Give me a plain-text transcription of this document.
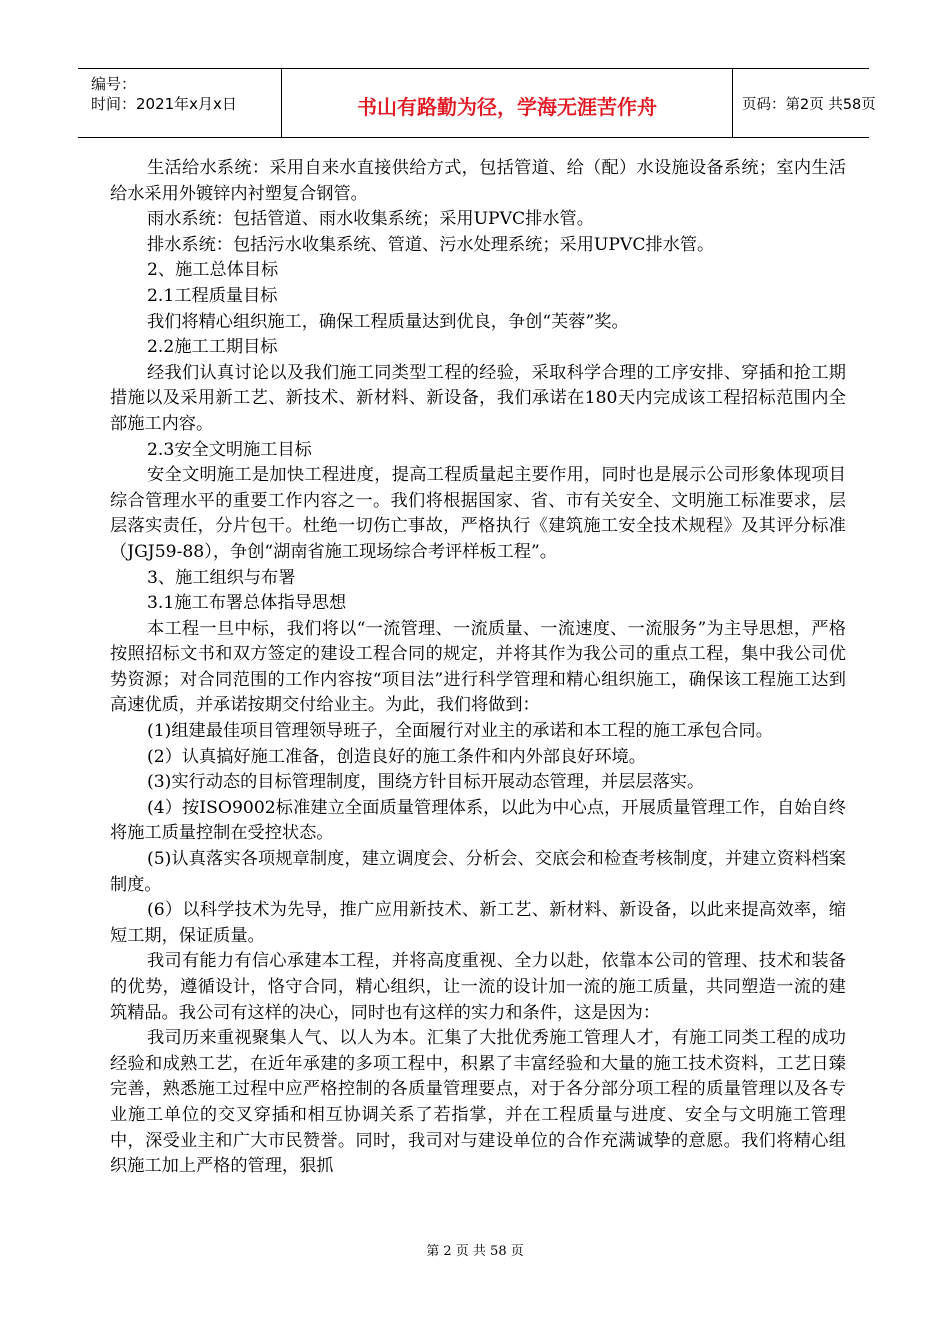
编号：
时间：2021年x月x日	书山有路勤为径，学海无涯苦作舟	页码：第2页 共58页

生活给水系统：采用自来水直接供给方式，包括管道、给（配）水设施设备系统；室内生活给水采用外镀锌内衬塑复合钢管。

雨水系统：包括管道、雨水收集系统；采用UPVC排水管。

排水系统：包括污水收集系统、管道、污水处理系统；采用UPVC排水管。

2、施工总体目标

2.1工程质量目标

我们将精心组织施工，确保工程质量达到优良，争创“芙蓉”奖。

2.2施工工期目标

经我们认真讨论以及我们施工同类型工程的经验，采取科学合理的工序安排、穿插和抢工期措施以及采用新工艺、新技术、新材料、新设备，我们承诺在180天内完成该工程招标范围内全部施工内容。

2.3安全文明施工目标

安全文明施工是加快工程进度，提高工程质量起主要作用，同时也是展示公司形象体现项目综合管理水平的重要工作内容之一。我们将根据国家、省、市有关安全、文明施工标准要求，层层落实责任，分片包干。杜绝一切伤亡事故，严格执行《建筑施工安全技术规程》及其评分标准（JGJ59-88），争创“湖南省施工现场综合考评样板工程”。

3、施工组织与布署

3.1施工布署总体指导思想

本工程一旦中标，我们将以“一流管理、一流质量、一流速度、一流服务”为主导思想，严格按照招标文书和双方签定的建设工程合同的规定，并将其作为我公司的重点工程，集中我公司优势资源；对合同范围的工作内容按“项目法”进行科学管理和精心组织施工，确保该工程施工达到高速优质，并承诺按期交付给业主。为此，我们将做到：

(1)组建最佳项目管理领导班子，全面履行对业主的承诺和本工程的施工承包合同。

(2）认真搞好施工准备，创造良好的施工条件和内外部良好环境。

(3)实行动态的目标管理制度，围绕方针目标开展动态管理，并层层落实。

(4）按ISO9002标准建立全面质量管理体系，以此为中心点，开展质量管理工作，自始自终将施工质量控制在受控状态。

(5)认真落实各项规章制度，建立调度会、分析会、交底会和检查考核制度，并建立资料档案制度。

(6）以科学技术为先导，推广应用新技术、新工艺、新材料、新设备，以此来提高效率，缩短工期，保证质量。

我司有能力有信心承建本工程，并将高度重视、全力以赴，依靠本公司的管理、技术和装备的优势，遵循设计，恪守合同，精心组织，让一流的设计加一流的施工质量，共同塑造一流的建筑精品。我公司有这样的决心，同时也有这样的实力和条件，这是因为：

我司历来重视聚集人气、以人为本。汇集了大批优秀施工管理人才，有施工同类工程的成功经验和成熟工艺，在近年承建的多项工程中，积累了丰富经验和大量的施工技术资料，工艺日臻完善，熟悉施工过程中应严格控制的各质量管理要点，对于各分部分项工程的质量管理以及各专业施工单位的交叉穿插和相互协调关系了若指掌，并在工程质量与进度、安全与文明施工管理中，深受业主和广大市民赞誉。同时，我司对与建设单位的合作充满诚挚的意愿。我们将精心组织施工加上严格的管理，狠抓

第 2 页 共 58 页
